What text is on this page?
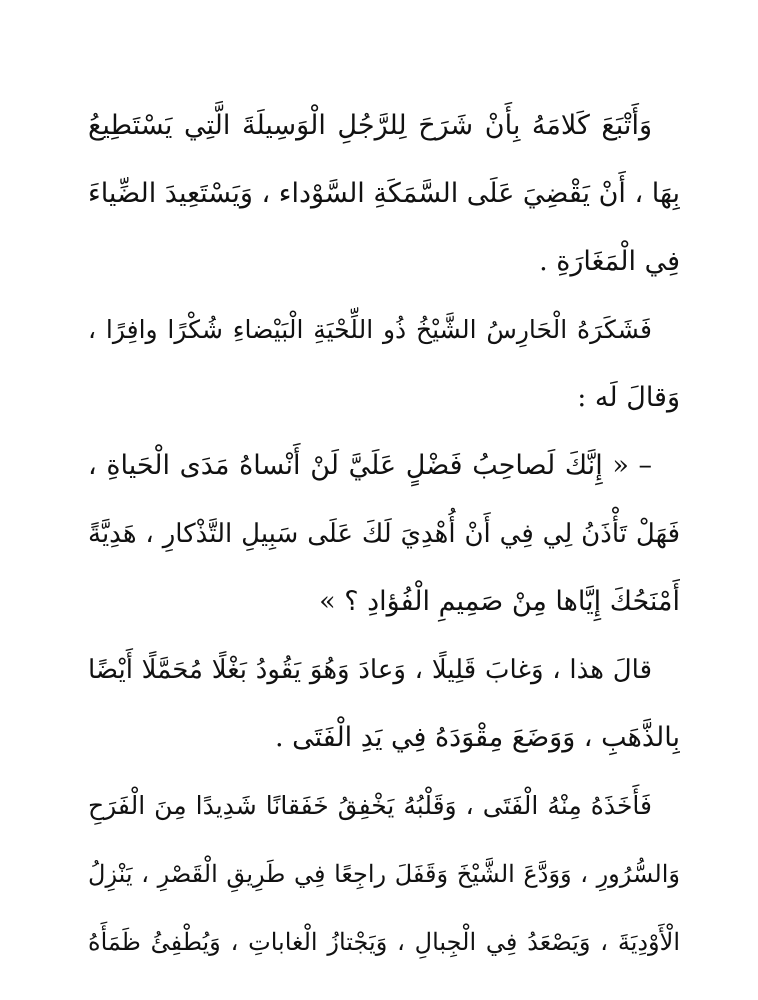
وَأَتْبَعَ كَلامَهُ بِأَنْ شَرَحَ لِلرَّجُلِ الْوَسِيلَةَ الَّتِي يَسْتَطِيعُ
بِهَا ، أَنْ يَقْضِيَ عَلَى السَّمَكَةِ السَّوْداء ، وَيَسْتَعِيدَ الضِّياءَ
فِي الْمَغَارَةِ .
فَشَكَرَهُ الْحَارِسُ الشَّيْخُ ذُو اللِّحْيَةِ الْبَيْضاءِ شُكْرًا وافِرًا ،
وَقالَ لَه :
– « إِنَّكَ لَصاحِبُ فَضْلٍ عَلَيَّ لَنْ أَنْساهُ مَدَى الْحَياةِ ،
فَهَلْ تَأْذَنُ لِي فِي أَنْ أُهْدِيَ لَكَ عَلَى سَبِيلِ التَّذْكارِ ، هَدِيَّةً
أَمْنَحُكَ إِيَّاها مِنْ صَمِيمِ الْفُؤادِ ؟ »
قالَ هذا ، وَغابَ قَلِيلًا ، وَعادَ وَهُوَ يَقُودُ بَغْلًا مُحَمَّلًا أَيْضًا
بِالذَّهَبِ ، وَوَضَعَ مِقْوَدَهُ فِي يَدِ الْفَتَى .
فَأَخَذَهُ مِنْهُ الْفَتَى ، وَقَلْبُهُ يَخْفِقُ خَفَقانًا شَدِيدًا مِنَ الْفَرَحِ
وَالسُّرُورِ ، وَوَدَّعَ الشَّيْخَ وَقَفَلَ راجِعًا فِي طَرِيقِ الْقَصْرِ ، يَنْزِلُ
الْأَوْدِيَةَ ، وَيَصْعَدُ فِي الْجِبالِ ، وَيَجْتازُ الْغاباتِ ، وَيُطْفِئُ ظَمَأَهُ
